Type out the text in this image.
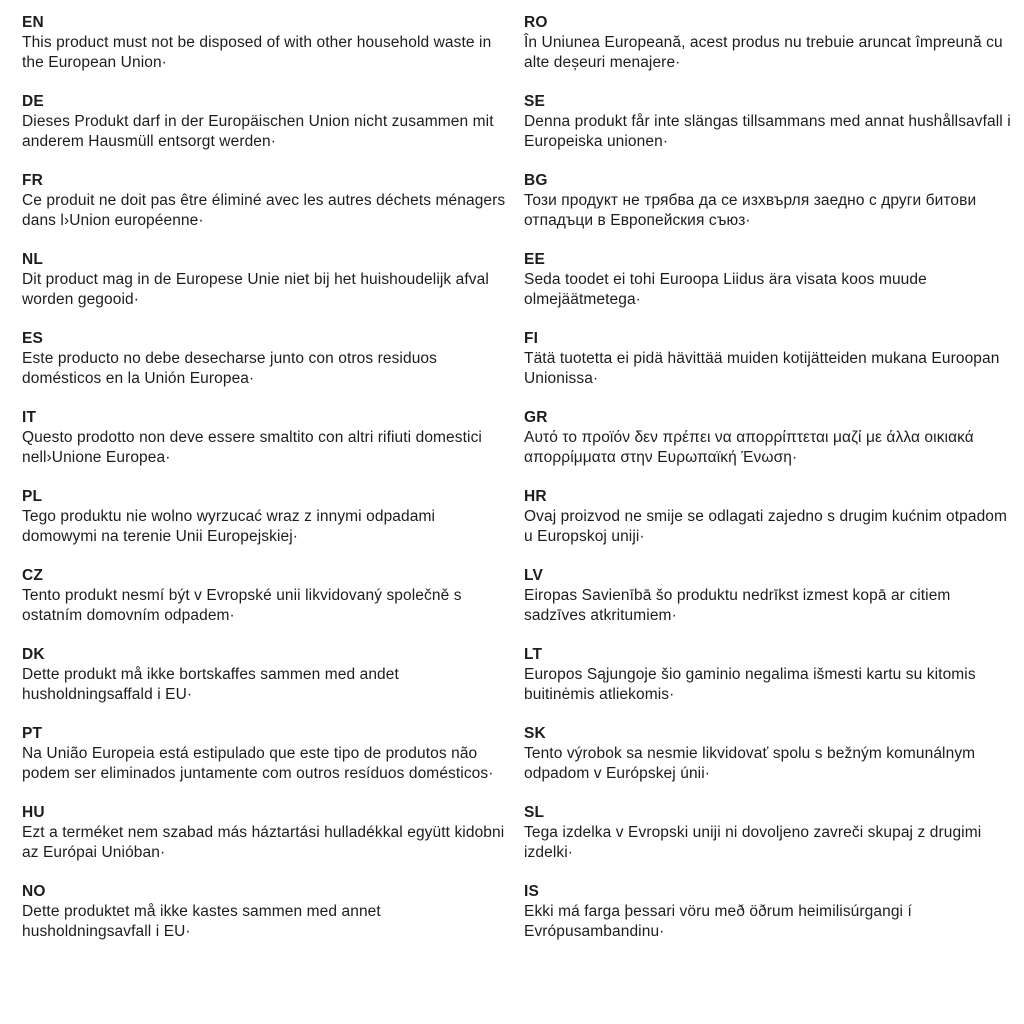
EN
This product must not be disposed of with other household waste in the European Union·
DE
Dieses Produkt darf in der Europäischen Union nicht zusammen mit anderem Hausmüll entsorgt werden·
FR
Ce produit ne doit pas être éliminé avec les autres déchets ménagers dans l›Union européenne·
NL
Dit product mag in de Europese Unie niet bij het huishoudelijk afval worden gegooid·
ES
Este producto no debe desecharse junto con otros residuos domésticos en la Unión Europea·
IT
Questo prodotto non deve essere smaltito con altri rifiuti domestici nell›Unione Europea·
PL
Tego produktu nie wolno wyrzucać wraz z innymi odpadami domowymi na terenie Unii Europejskiej·
CZ
Tento produkt nesmí být v Evropské unii likvidovaný společně s ostatním domovním odpadem·
DK
Dette produkt må ikke bortskaffes sammen med andet husholdningsaffald i EU·
PT
Na União Europeia está estipulado que este tipo de produtos não podem ser eliminados juntamente com outros resíduos domésticos·
HU
Ezt a terméket nem szabad más háztartási hulladékkal együtt kidobni az Európai Unióban·
NO
Dette produktet må ikke kastes sammen med annet husholdningsavfall i EU·
RO
În Uniunea Europeană, acest produs nu trebuie aruncat împreună cu alte deșeuri menajere·
SE
Denna produkt får inte slängas tillsammans med annat hushållsavfall i Europeiska unionen·
BG
Този продукт не трябва да се изхвърля заедно с други битови отпадъци в Европейския съюз·
EE
Seda toodet ei tohi Euroopa Liidus ära visata koos muude olmejäätmetega·
FI
Tätä tuotetta ei pidä hävittää muiden kotijätteiden mukana Euroopan Unionissa·
GR
Αυτό το προϊόν δεν πρέπει να απορρίπτεται μαζί με άλλα οικιακά απορρίμματα στην Ευρωπαϊκή Ένωση·
HR
Ovaj proizvod ne smije se odlagati zajedno s drugim kućnim otpadom u Europskoj uniji·
LV
Eiropas Savienībā šo produktu nedrīkst izmest kopā ar citiem sadzīves atkritumiem·
LT
Europos Sąjungoje šio gaminio negalima išmesti kartu su kitomis buitinėmis atliekomis·
SK
Tento výrobok sa nesmie likvidovať spolu s bežným komunálnym odpadom v Európskej únii·
SL
Tega izdelka v Evropski uniji ni dovoljeno zavreči skupaj z drugimi izdelki·
IS
Ekki má farga þessari vöru með öðrum heimilisúrgangi í Evrópusambandinu·
